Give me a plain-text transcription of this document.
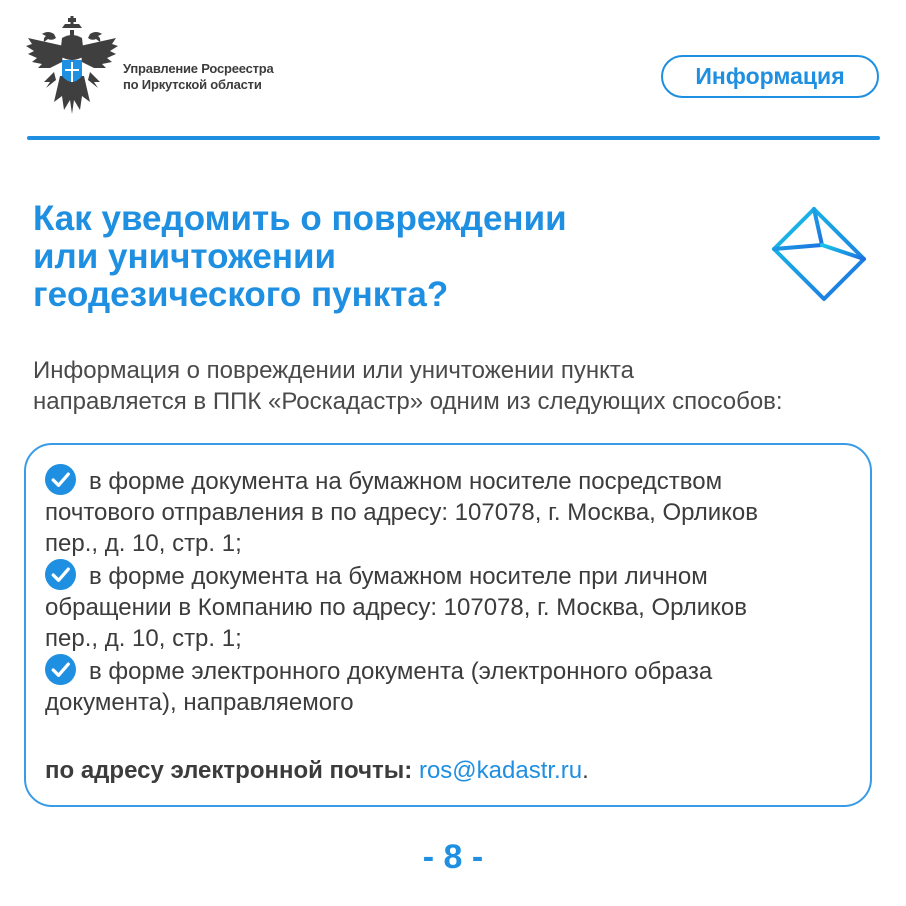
Управление Росреестра
по Иркутской области	Информация
Как уведомить о повреждении
или уничтожении
геодезического пункта?
Информация о повреждении или уничтожении пункта
направляется в ППК «Роскадастр» одним из следующих способов:
в форме документа на бумажном носителе посредством
почтового отправления в по адресу: 107078, г. Москва, Орликов
пер., д. 10, стр. 1;
в форме документа на бумажном носителе при личном
обращении в Компанию по адресу: 107078, г. Москва, Орликов
пер., д. 10, стр. 1;
в форме электронного документа (электронного образа
документа), направляемого
по адресу электронной почты: ros@kadastr.ru.
- 8 -
